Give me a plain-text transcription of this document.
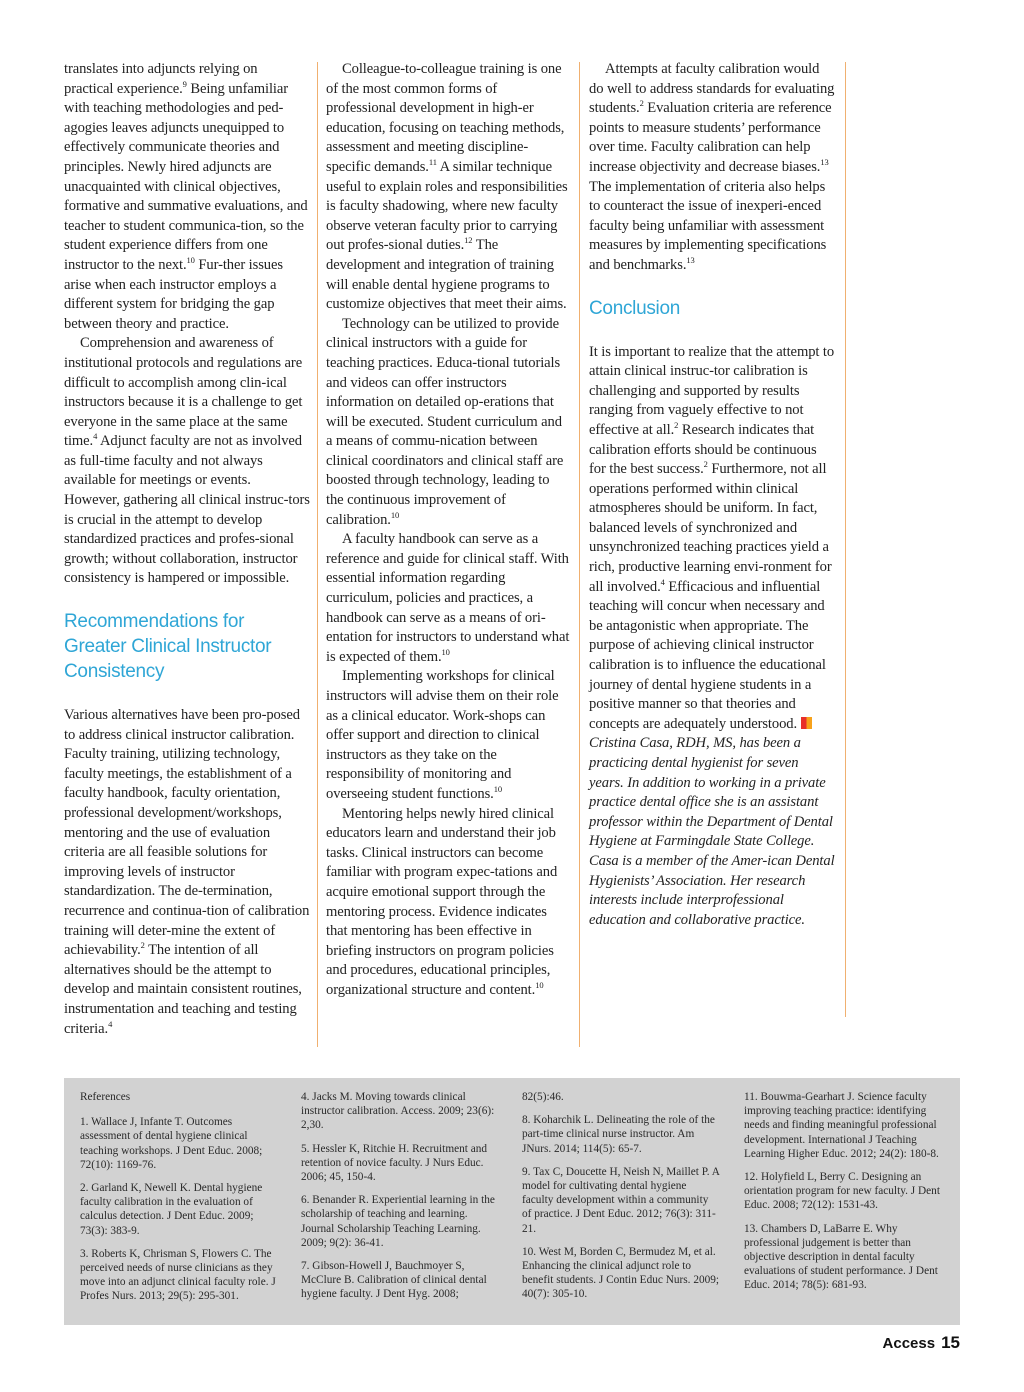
translates into adjuncts relying on practical experience.$^9$ Being unfamiliar with teaching methodologies and ped-agogies leaves adjuncts unequipped to effectively communicate theories and principles. Newly hired adjuncts are unacquainted with clinical objectives, formative and summative evaluations, and teacher to student communica-tion, so the student experience differs from one instructor to the next.$^{10}$ Fur-ther issues arise when each instructor employs a different system for bridging the gap between theory and practice.

Comprehension and awareness of institutional protocols and regulations are difficult to accomplish among clin-ical instructors because it is a challenge to get everyone in the same place at the same time.$^4$ Adjunct faculty are not as involved as full-time faculty and not always available for meetings or events. However, gathering all clinical instruc-tors is crucial in the attempt to develop standardized practices and profes-sional growth; without collaboration, instructor consistency is hampered or impossible.

Recommendations for Greater Clinical Instructor Consistency

Various alternatives have been pro-posed to address clinical instructor calibration. Faculty training, utilizing technology, faculty meetings, the establishment of a faculty handbook, faculty orientation, professional development/workshops, mentoring and the use of evaluation criteria are all feasible solutions for improving levels of instructor standardization. The de-termination, recurrence and continua-tion of calibration training will deter-mine the extent of achievability.$^2$ The intention of all alternatives should be the attempt to develop and maintain consistent routines, instrumentation and teaching and testing criteria.$^4$

Colleague-to-colleague training is one of the most common forms of professional development in high-er education, focusing on teaching methods, assessment and meeting discipline-specific demands.$^{11}$ A similar technique useful to explain roles and responsibilities is faculty shadowing, where new faculty observe veteran faculty prior to carrying out profes-sional duties.$^{12}$ The development and integration of training will enable dental hygiene programs to customize objectives that meet their aims.

Technology can be utilized to provide clinical instructors with a guide for teaching practices. Educa-tional tutorials and videos can offer instructors information on detailed op-erations that will be executed. Student curriculum and a means of commu-nication between clinical coordinators and clinical staff are boosted through technology, leading to the continuous improvement of calibration.$^{10}$

A faculty handbook can serve as a reference and guide for clinical staff. With essential information regarding curriculum, policies and practices, a handbook can serve as a means of ori-entation for instructors to understand what is expected of them.$^{10}$

Implementing workshops for clinical instructors will advise them on their role as a clinical educator. Work-shops can offer support and direction to clinical instructors as they take on the responsibility of monitoring and overseeing student functions.$^{10}$

Mentoring helps newly hired clinical educators learn and understand their job tasks. Clinical instructors can become familiar with program expec-tations and acquire emotional support through the mentoring process. Evidence indicates that mentoring has been effective in briefing instructors on program policies and procedures, educational principles, organizational structure and content.$^{10}$

Attempts at faculty calibration would do well to address standards for evaluating students.$^2$ Evaluation criteria are reference points to measure students’ performance over time. Faculty calibration can help increase objectivity and decrease biases.$^{13}$ The implementation of criteria also helps to counteract the issue of inexperi-enced faculty being unfamiliar with assessment measures by implementing specifications and benchmarks.$^{13}$

Conclusion

It is important to realize that the attempt to attain clinical instruc-tor calibration is challenging and supported by results ranging from vaguely effective to not effective at all.$^2$ Research indicates that calibration efforts should be continuous for the best success.$^2$ Furthermore, not all operations performed within clinical atmospheres should be uniform. In fact, balanced levels of synchronized and unsynchronized teaching practices yield a rich, productive learning envi-ronment for all involved.$^4$ Efficacious and influential teaching will concur when necessary and be antagonistic when appropriate. The purpose of achieving clinical instructor calibration is to influence the educational journey of dental hygiene students in a positive manner so that theories and concepts are adequately understood.

Cristina Casa, RDH, MS, has been a practicing dental hygienist for seven years. In addition to working in a private practice dental office she is an assistant professor within the Department of Dental Hygiene at Farmingdale State College. Casa is a member of the Amer-ican Dental Hygienists’ Association. Her research interests include interprofessional education and collaborative practice.

References

1. Wallace J, Infante T. Outcomes assessment of dental hygiene clinical teaching workshops. J Dent Educ. 2008; 72(10): 1169-76.

2. Garland K, Newell K. Dental hygiene faculty calibration in the evaluation of calculus detection. J Dent Educ. 2009; 73(3): 383-9.

3. Roberts K, Chrisman S, Flowers C. The perceived needs of nurse clinicians as they move into an adjunct clinical faculty role. J Profes Nurs. 2013; 29(5): 295-301.

4. Jacks M. Moving towards clinical instructor calibration. Access. 2009; 23(6): 2,30.

5. Hessler K, Ritchie H. Recruitment and retention of novice faculty. J Nurs Educ. 2006; 45, 150-4.

6. Benander R. Experiential learning in the scholarship of teaching and learning. Journal Scholarship Teaching Learning. 2009; 9(2): 36-41.

7. Gibson-Howell J, Bauchmoyer S, McClure B. Calibration of clinical dental hygiene faculty. J Dent Hyg. 2008;

82(5):46.

8. Koharchik L. Delineating the role of the part-time clinical nurse instructor. Am JNurs. 2014; 114(5): 65-7.

9. Tax C, Doucette H, Neish N, Maillet P. A model for cultivating dental hygiene faculty development within a community of practice. J Dent Educ. 2012; 76(3): 311-21.

10. West M, Borden C, Bermudez M, et al. Enhancing the clinical adjunct role to benefit students. J Contin Educ Nurs. 2009; 40(7): 305-10.

11. Bouwma-Gearhart J. Science faculty improving teaching practice: identifying needs and finding meaningful professional development. International J Teaching Learning Higher Educ. 2012; 24(2): 180-8.

12. Holyfield L, Berry C. Designing an orientation program for new faculty. J Dent Educ. 2008; 72(12): 1531-43.

13. Chambers D, LaBarre E. Why professional judgement is better than objective description in dental faculty evaluations of student performance. J Dent Educ. 2014; 78(5): 681-93.

Access 15
